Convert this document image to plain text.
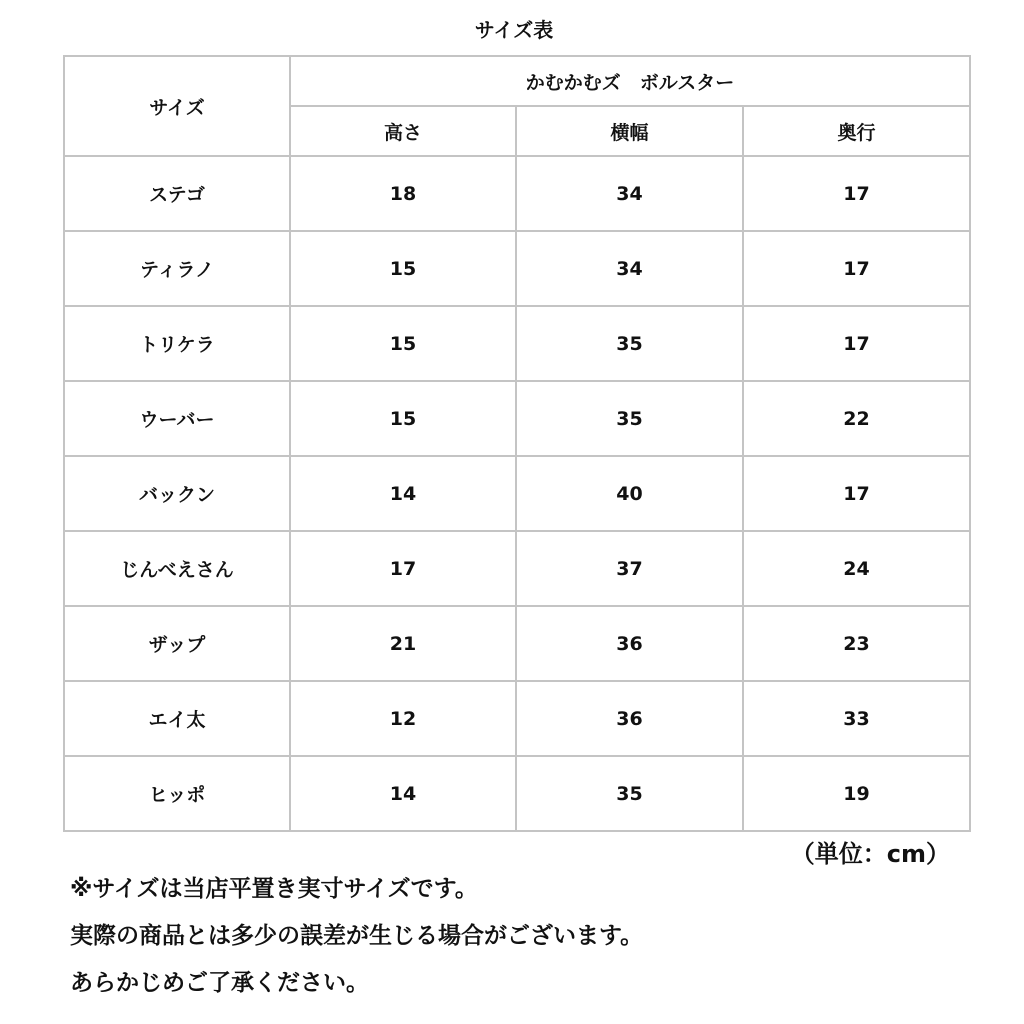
サイズ表
サイズ	かむかむズ　ボルスター		
	高さ	横幅	奥行
ステゴ	18	34	17
ティラノ	15	34	17
トリケラ	15	35	17
ウーバー	15	35	22
バックン	14	40	17
じんべえさん	17	37	24
ザップ	21	36	23
エイ太	12	36	33
ヒッポ	14	35	19
（単位：cm）
※サイズは当店平置き実寸サイズです。
実際の商品とは多少の誤差が生じる場合がございます。
あらかじめご了承ください。
